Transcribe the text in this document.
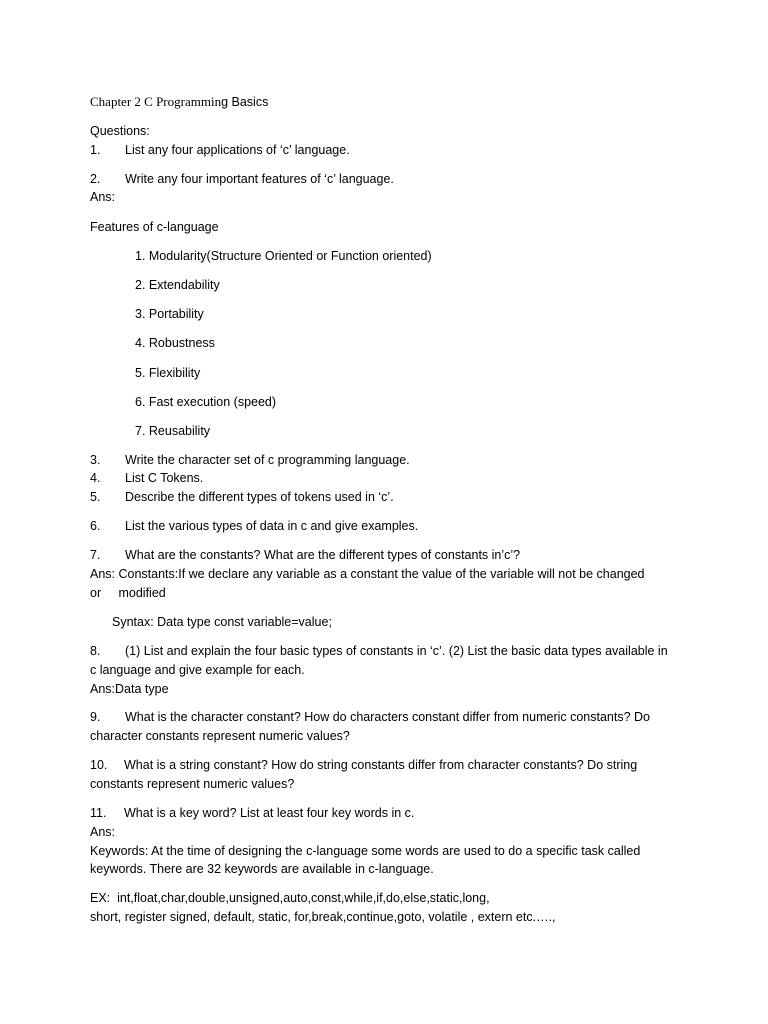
Chapter 2 C Programming Basics
Questions:
1. List any four applications of ‘c’ language.
2. Write any four important features of ‘c’ language.
Ans:
Features of c-language
1. Modularity(Structure Oriented or Function oriented)
2. Extendability
3. Portability
4. Robustness
5. Flexibility
6. Fast execution (speed)
7. Reusability
3. Write the character set of c programming language.
4. List C Tokens.
5. Describe the different types of tokens used in ‘c’.
6. List the various types of data in c and give examples.
7. What are the constants? What are the different types of constants in’c’?
Ans: Constants:If we declare any variable as a constant the value of the variable will not be changed
or     modified
Syntax: Data type const variable=value;
8. (1) List and explain the four basic types of constants in ‘c’. (2) List the basic data types available in
c language and give example for each.
Ans:Data type
9. What is the character constant? How do characters constant differ from numeric constants? Do
character constants represent numeric values?
10. What is a string constant? How do string constants differ from character constants? Do string
constants represent numeric values?
11. What is a key word? List at least four key words in c.
Ans:
Keywords: At the time of designing the c-language some words are used to do a specific task called
keywords. There are 32 keywords are available in c-language.
EX:  int,float,char,double,unsigned,auto,const,while,if,do,else,static,long,
short, register signed, default, static, for,break,continue,goto, volatile , extern etc.….,
